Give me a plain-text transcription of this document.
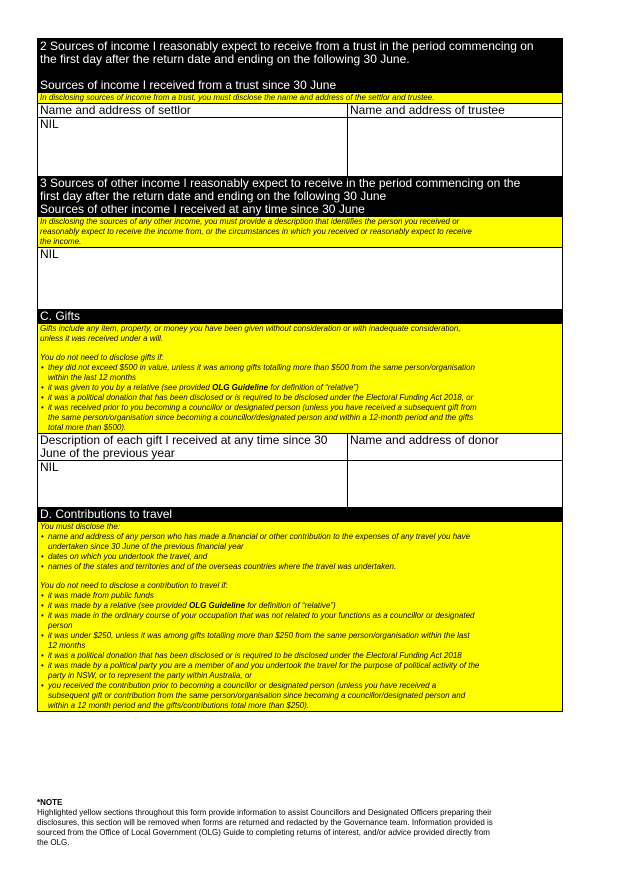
2 Sources of income I reasonably expect to receive from a trust in the period commencing on
the first day after the return date and ending on the following 30 June.
Sources of income I received from a trust since 30 June

In disclosing sources of income from a trust, you must disclose the name and address of the settlor and trustee.

Name and address of settlor	Name and address of trustee
NIL
3 Sources of other income I reasonably expect to receive in the period commencing on the
first day after the return date and ending on the following 30 June
Sources of other income I received at any time since 30 June

In disclosing the sources of any other income, you must provide a description that identifies the person you received or

reasonably expect to receive the income from, or the circumstances in which you received or reasonably expect to receive

the income.

NIL
C. Gifts

Gifts include any item, property, or money you have been given without consideration or with inadequate consideration,

unless it was received under a will.

You do not need to disclose gifts if:

• they did not exceed $500 in value, unless it was among gifts totalling more than $500 from the same person/organisation
within the last 12 months
• it was given to you by a relative (see provided OLG Guideline for definition of “relative”)
• it was a political donation that has been disclosed or is required to be disclosed under the Electoral Funding Act 2018, or
• it was received prior to you becoming a councillor or designated person (unless you have received a subsequent gift from
the same person/organisation since becoming a councillor/designated person and within a 12-month period and the gifts
total more than $500).
Description of each gift I received at any time since 30
June of the previous year
Name and address of donor
NIL
D. Contributions to travel

You must disclose the:

• name and address of any person who has made a financial or other contribution to the expenses of any travel you have
undertaken since 30 June of the previous financial year
• dates on which you undertook the travel, and
• names of the states and territories and of the overseas countries where the travel was undertaken.

You do not need to disclose a contribution to travel if:

• it was made from public funds
• it was made by a relative (see provided OLG Guideline for definition of “relative”)
• it was made in the ordinary course of your occupation that was not related to your functions as a councillor or designated
person
• it was under $250, unless it was among gifts totalling more than $250 from the same person/organisation within the last
12 months
• it was a political donation that has been disclosed or is required to be disclosed under the Electoral Funding Act 2018
• it was made by a political party you are a member of and you undertook the travel for the purpose of political activity of the
party in NSW, or to represent the party within Australia, or
• you received the contribution prior to becoming a councillor or designated person (unless you have received a
subsequent gift or contribution from the same person/organisation since becoming a councillor/designated person and
within a 12 month period and the gifts/contributions total more than $250).

*NOTE

Highlighted yellow sections throughout this form provide information to assist Councillors and Designated Officers preparing their

disclosures, this section will be removed when forms are returned and redacted by the Governance team. Information provided is

sourced from the Office of Local Government (OLG) Guide to completing returns of interest, and/or advice provided directly from

the OLG.
